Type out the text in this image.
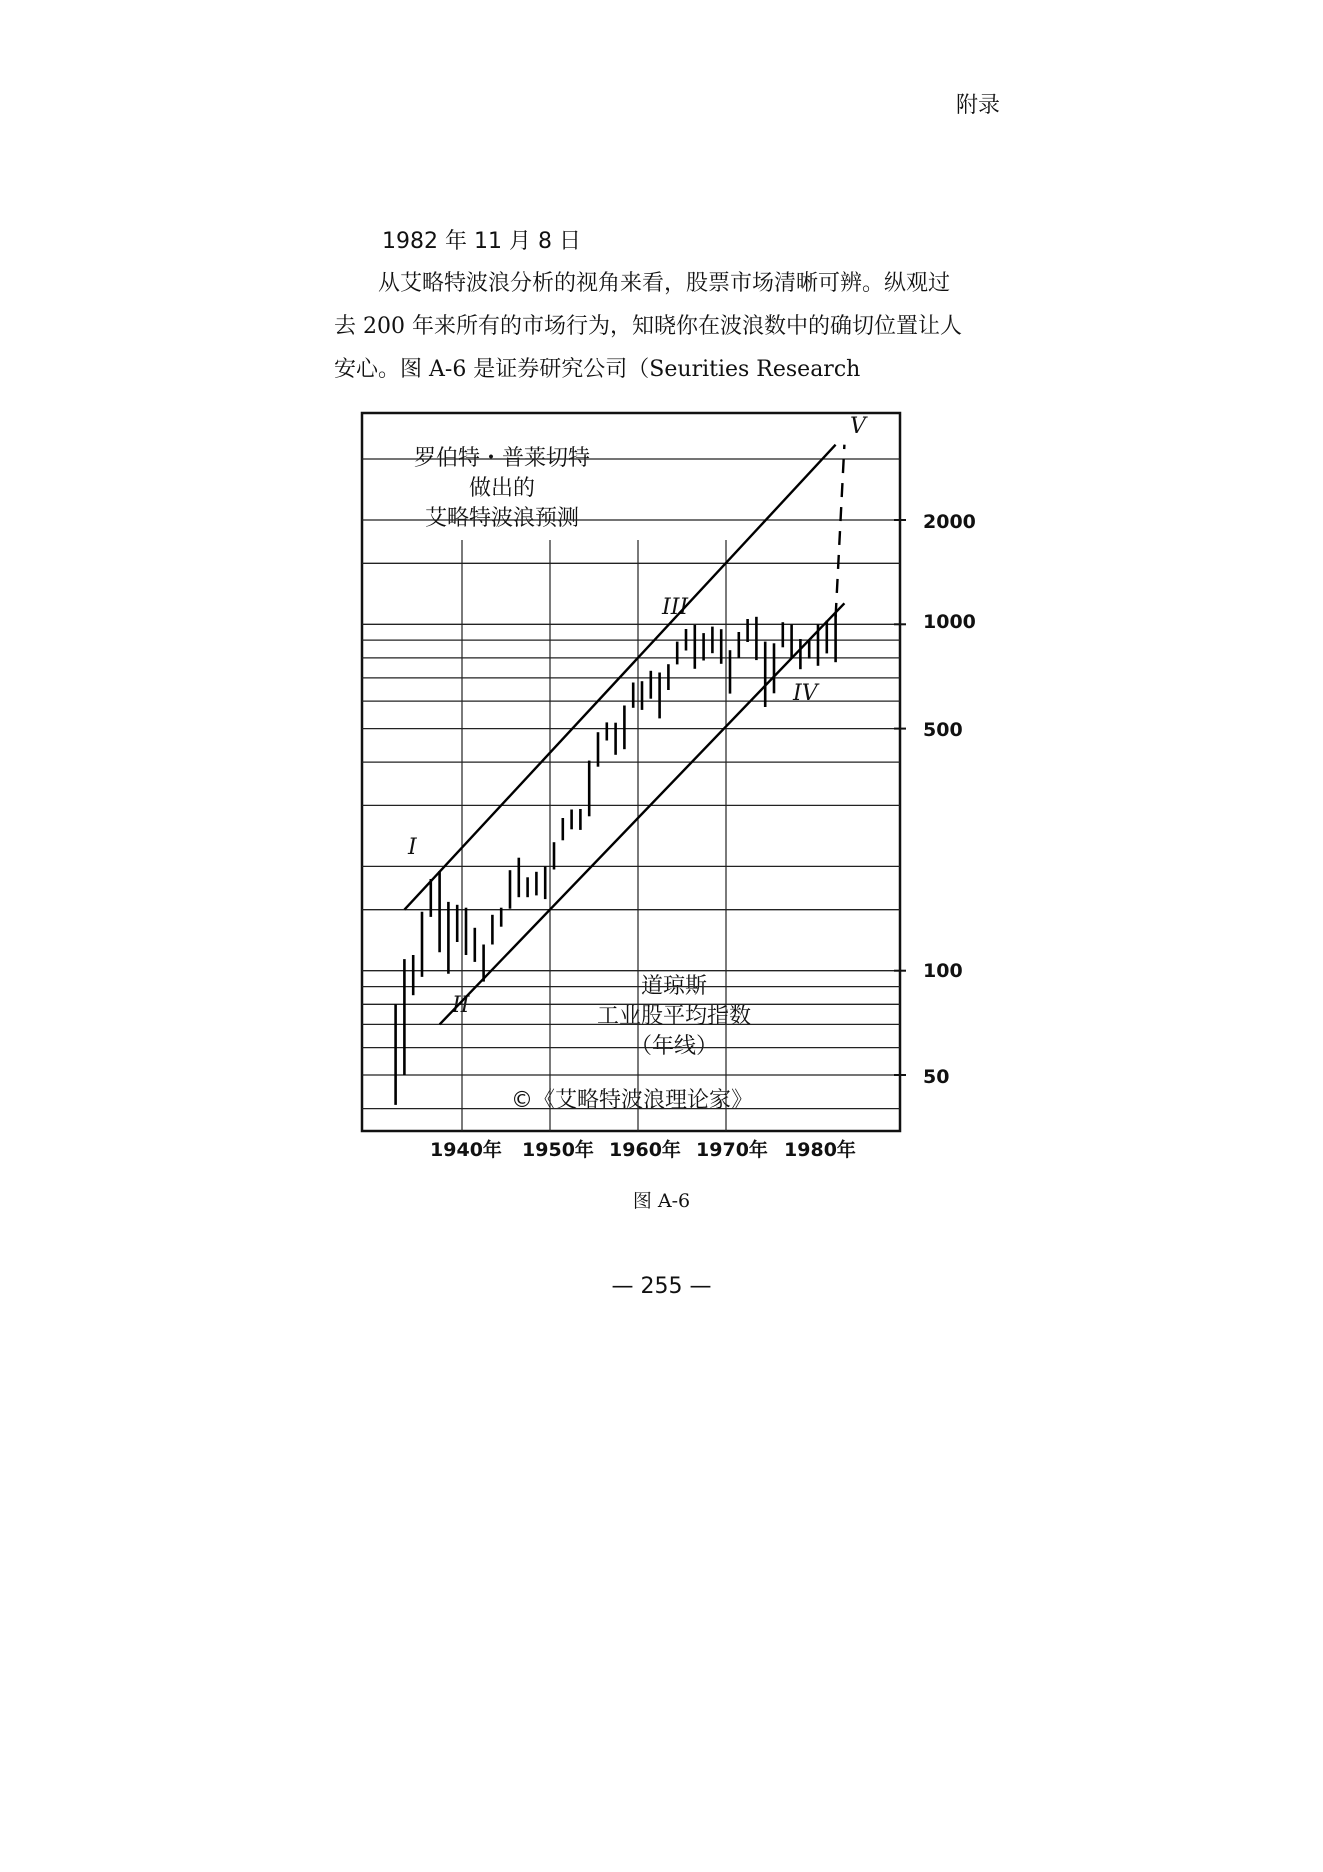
附录
1982 年 11 月 8 日
从艾略特波浪分析的视角来看，股票市场清晰可辨。纵观过
去 200 年来所有的市场行为，知晓你在波浪数中的确切位置让人
安心。图 A-6 是证券研究公司（Seurities Research
罗伯特・普莱切特
做出的
艾略特波浪预测
道琼斯
工业股平均指数
（年线）
©《艾略特波浪理论家》
I
II
III
IV
V
2000
1000
500
100
50
1940年 1950年 1960年 1970年 1980年
图 A-6
— 255 —
